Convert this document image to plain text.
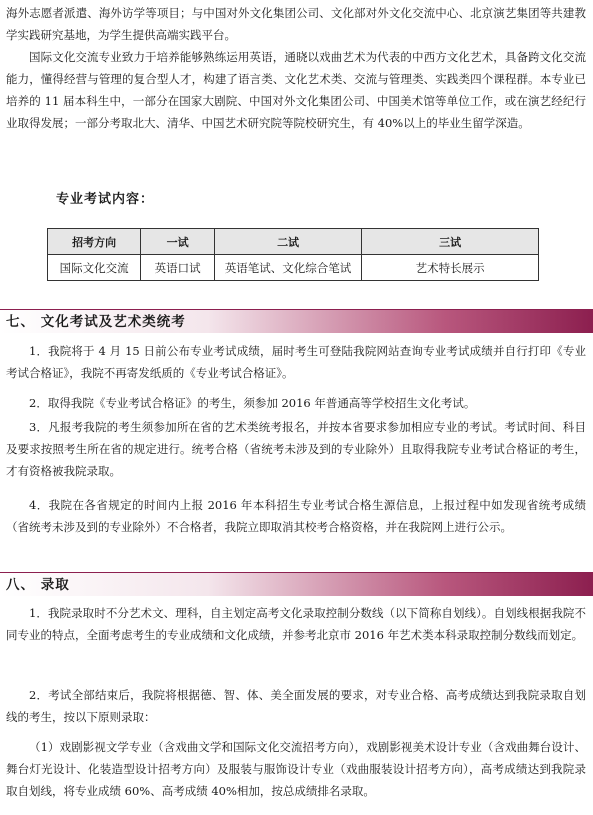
海外志愿者派遣、海外访学等项目；与中国对外文化集团公司、文化部对外文化交流中心、北京演艺集团等共建教学实践研究基地，为学生提供高端实践平台。

国际文化交流专业致力于培养能够熟练运用英语，通晓以戏曲艺术为代表的中西方文化艺术，具备跨文化交流能力，懂得经营与管理的复合型人才，构建了语言类、文化艺术类、交流与管理类、实践类四个课程群。本专业已培养的 11 届本科生中，一部分在国家大剧院、中国对外文化集团公司、中国美术馆等单位工作，或在演艺经纪行业取得发展；一部分考取北大、清华、中国艺术研究院等院校研究生，有 40%以上的毕业生留学深造。

专业考试内容：
招考方向	一试	二试	三试
国际文化交流	英语口试	英语笔试、文化综合笔试	艺术特长展示
七、 文化考试及艺术类统考

1．我院将于 4 月 15 日前公布专业考试成绩，届时考生可登陆我院网站查询专业考试成绩并自行打印《专业考试合格证》，我院不再寄发纸质的《专业考试合格证》。

2．取得我院《专业考试合格证》的考生，须参加 2016 年普通高等学校招生文化考试。

3．凡报考我院的考生须参加所在省的艺术类统考报名，并按本省要求参加相应专业的考试。考试时间、科目及要求按照考生所在省的规定进行。统考合格（省统考未涉及到的专业除外）且取得我院专业考试合格证的考生，才有资格被我院录取。

4．我院在各省规定的时间内上报 2016 年本科招生专业考试合格生源信息，上报过程中如发现省统考成绩（省统考未涉及到的专业除外）不合格者，我院立即取消其校考合格资格，并在我院网上进行公示。

八、 录取

1．我院录取时不分艺术文、理科，自主划定高考文化录取控制分数线（以下简称自划线）。自划线根据我院不同专业的特点，全面考虑考生的专业成绩和文化成绩，并参考北京市 2016 年艺术类本科录取控制分数线而划定。

2．考试全部结束后，我院将根据德、智、体、美全面发展的要求，对专业合格、高考成绩达到我院录取自划线的考生，按以下原则录取：

（1）戏剧影视文学专业（含戏曲文学和国际文化交流招考方向），戏剧影视美术设计专业（含戏曲舞台设计、舞台灯光设计、化装造型设计招考方向）及服装与服饰设计专业（戏曲服装设计招考方向），高考成绩达到我院录取自划线，将专业成绩 60%、高考成绩 40%相加，按总成绩排名录取。
